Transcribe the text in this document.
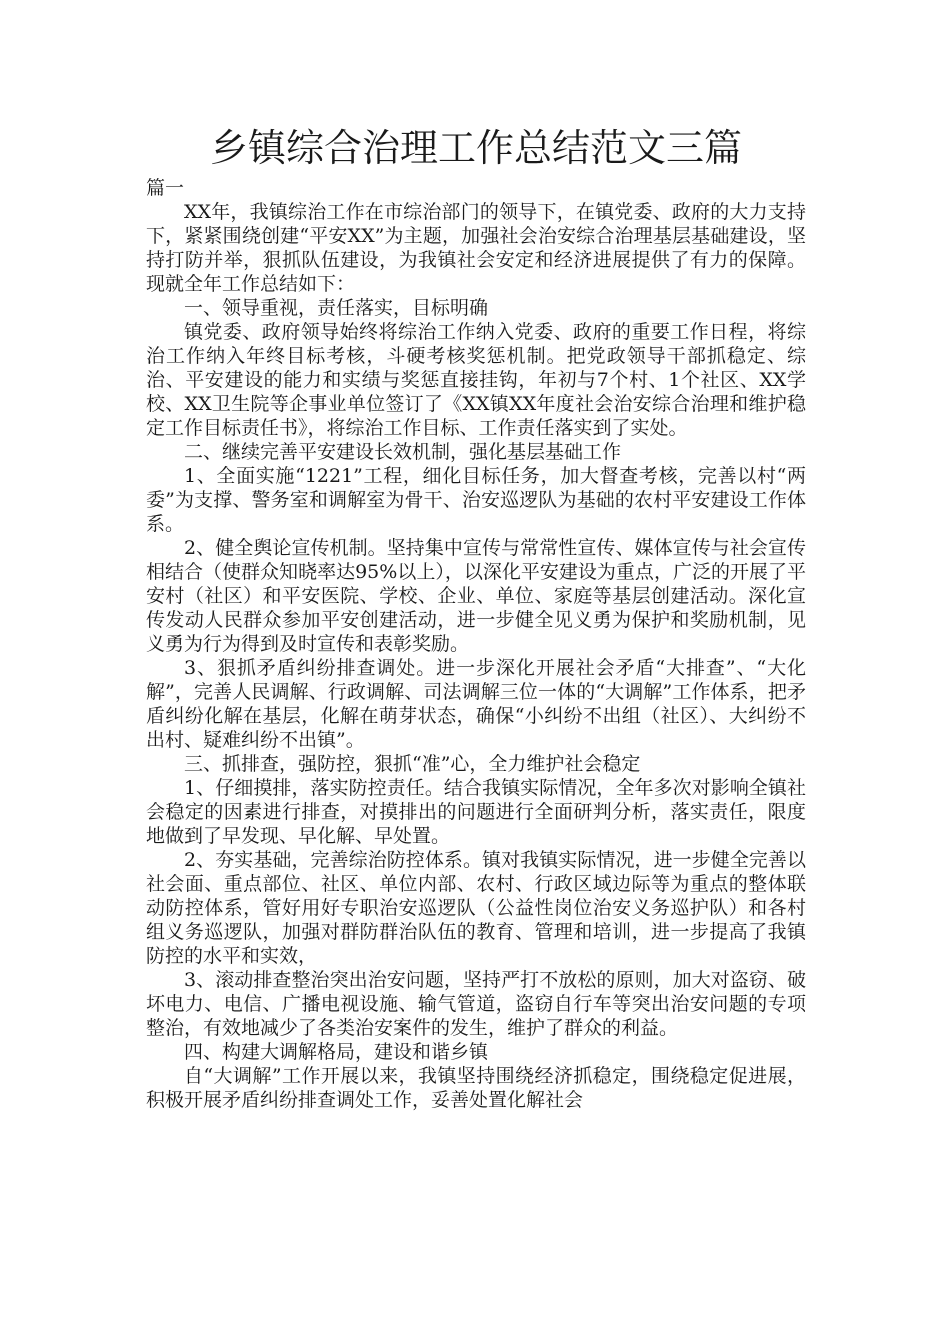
乡镇综合治理工作总结范文三篇

篇一

XX年，我镇综治工作在市综治部门的领导下，在镇党委、政府的大力支持下，紧紧围绕创建“平安XX”为主题，加强社会治安综合治理基层基础建设，坚持打防并举，狠抓队伍建设，为我镇社会安定和经济进展提供了有力的保障。现就全年工作总结如下：

一、领导重视，责任落实，目标明确

镇党委、政府领导始终将综治工作纳入党委、政府的重要工作日程，将综治工作纳入年终目标考核，斗硬考核奖惩机制。把党政领导干部抓稳定、综治、平安建设的能力和实绩与奖惩直接挂钩，年初与7个村、1个社区、XX学校、XX卫生院等企事业单位签订了《XX镇XX年度社会治安综合治理和维护稳定工作目标责任书》，将综治工作目标、工作责任落实到了实处。

二、继续完善平安建设长效机制，强化基层基础工作

1、全面实施“1221”工程，细化目标任务，加大督查考核，完善以村“两委”为支撑、警务室和调解室为骨干、治安巡逻队为基础的农村平安建设工作体系。

2、健全舆论宣传机制。坚持集中宣传与常常性宣传、媒体宣传与社会宣传相结合（使群众知晓率达95%以上），以深化平安建设为重点，广泛的开展了平安村（社区）和平安医院、学校、企业、单位、家庭等基层创建活动。深化宣传发动人民群众参加平安创建活动，进一步健全见义勇为保护和奖励机制，见义勇为行为得到及时宣传和表彰奖励。

3、狠抓矛盾纠纷排查调处。进一步深化开展社会矛盾“大排查”、“大化解”，完善人民调解、行政调解、司法调解三位一体的“大调解”工作体系，把矛盾纠纷化解在基层，化解在萌芽状态，确保“小纠纷不出组（社区）、大纠纷不出村、疑难纠纷不出镇”。

三、抓排查，强防控，狠抓“准”心，全力维护社会稳定

1、仔细摸排，落实防控责任。结合我镇实际情况，全年多次对影响全镇社会稳定的因素进行排查，对摸排出的问题进行全面研判分析，落实责任，限度地做到了早发现、早化解、早处置。

2、夯实基础，完善综治防控体系。镇对我镇实际情况，进一步健全完善以社会面、重点部位、社区、单位内部、农村、行政区域边际等为重点的整体联动防控体系，管好用好专职治安巡逻队（公益性岗位治安义务巡护队）和各村组义务巡逻队，加强对群防群治队伍的教育、管理和培训，进一步提高了我镇防控的水平和实效，

3、滚动排查整治突出治安问题，坚持严打不放松的原则，加大对盗窃、破坏电力、电信、广播电视设施、输气管道，盗窃自行车等突出治安问题的专项整治，有效地减少了各类治安案件的发生，维护了群众的利益。

四、构建大调解格局，建设和谐乡镇

自“大调解”工作开展以来，我镇坚持围绕经济抓稳定，围绕稳定促进展，积极开展矛盾纠纷排查调处工作，妥善处置化解社会
